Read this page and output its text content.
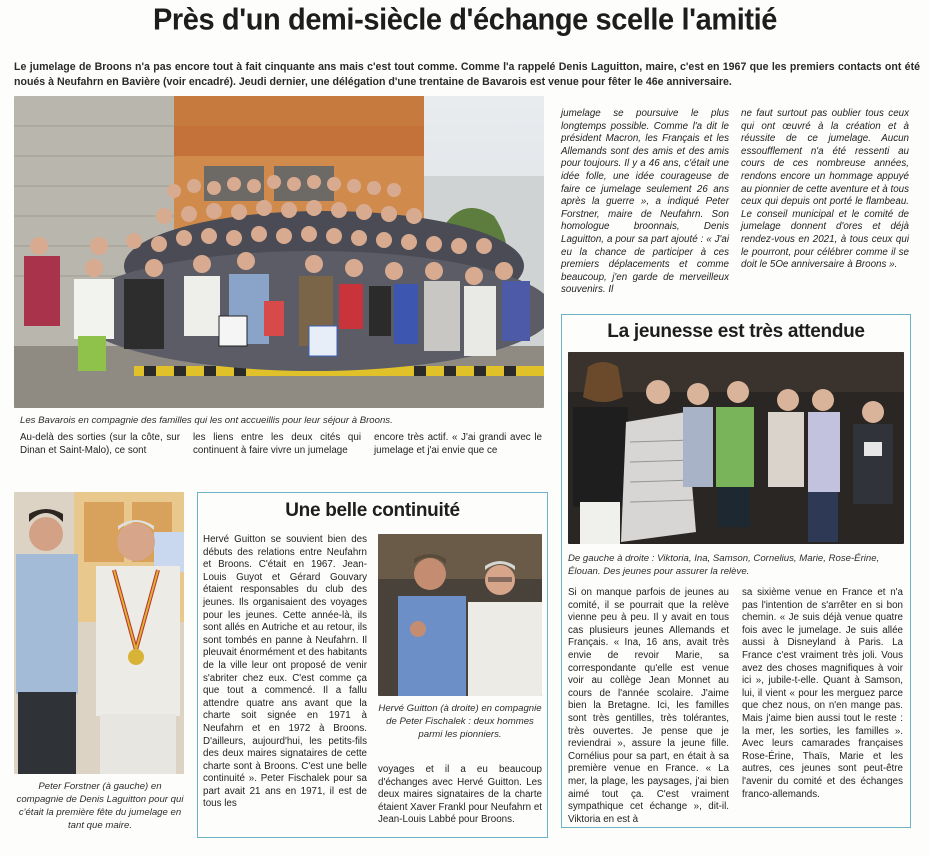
Près d'un demi-siècle d'échange scelle l'amitié
Le jumelage de Broons n'a pas encore tout à fait cinquante ans mais c'est tout comme. Comme l'a rappelé Denis Laguitton, maire, c'est en 1967 que les premiers contacts ont été noués à Neufahrn en Bavière (voir encadré). Jeudi dernier, une délégation d'une trentaine de Bavarois est venue pour fêter le 46e anniversaire.
Les Bavarois en compagnie des familles qui les ont accueillis pour leur séjour à Broons.
Au-delà des sorties (sur la côte, sur Dinan et Saint-Malo), ce sont
les liens entre les deux cités qui continuent à faire vivre un jumelage
encore très actif. « J'ai grandi avec le jumelage et j'ai envie que ce
jumelage se poursuive le plus longtemps possible. Comme l'a dit le président Macron, les Français et les Allemands sont des amis et des amis pour toujours. Il y a 46 ans, c'était une idée folle, une idée courageuse de faire ce jumelage seulement 26 ans après la guerre », a indiqué Peter Forstner, maire de Neufahrn. Son homologue broonnais, Denis Laguitton, a pour sa part ajouté : « J'ai eu la chance de participer à ces premiers déplacements et comme beaucoup, j'en garde de merveilleux souvenirs. Il
ne faut surtout pas oublier tous ceux qui ont œuvré à la création et à réussite de ce jumelage. Aucun essoufflement n'a été ressenti au cours de ces nombreuse années, rendons encore un hommage appuyé au pionnier de cette aventure et à tous ceux qui depuis ont porté le flambeau. Le conseil municipal et le comité de jumelage donnent d'ores et déjà rendez-vous en 2021, à tous ceux qui le pourront, pour célébrer comme il se doit le 5Oe anniversaire à Broons ».
La jeunesse est très attendue
De gauche à droite : Viktoria, Ina, Samson, Cornelius, Marie, Rose-Érine, Élouan. Des jeunes pour assurer la relève.
Si on manque parfois de jeunes au comité, il se pourrait que la relève vienne peu à peu. Il y avait en tous cas plusieurs jeunes Allemands et Français. « Ina, 16 ans, avait très envie de revoir Marie, sa correspondante qu'elle est venue voir au collège Jean Monnet au cours de l'année scolaire. J'aime bien la Bretagne. Ici, les familles sont très gentilles, très tolérantes, très ouvertes. Je pense que je reviendrai », assure la jeune fille. Cornélius pour sa part, en était à sa première venue en France. « La mer, la plage, les paysages, j'ai bien aimé tout ça. C'est vraiment sympathique cet échange », dit-il. Viktoria en est à
sa sixième venue en France et n'a pas l'intention de s'arrêter en si bon chemin. « Je suis déjà venue quatre fois avec le jumelage. Je suis allée aussi à Disneyland à Paris. La France c'est vraiment très joli. Vous avez des choses magnifiques à voir ici », jubile-t-elle. Quant à Samson, lui, il vient « pour les merguez parce que chez nous, on n'en mange pas. Mais j'aime bien aussi tout le reste : la mer, les sorties, les familles ». Avec leurs camarades françaises Rose-Érine, Thaïs, Marie et les autres, ces jeunes sont peut-être l'avenir du comité et des échanges franco-allemands.
Peter Forstner (à gauche) en compagnie de Denis Laguitton pour qui c'était la première fête du jumelage en tant que maire.
Une belle continuité
Hervé Guitton se souvient bien des débuts des relations entre Neufahrn et Broons. C'était en 1967. Jean-Louis Guyot et Gérard Gouvary étaient responsables du club des jeunes. Ils organisaient des voyages pour les jeunes. Cette année-là, ils sont allés en Autriche et au retour, ils sont tombés en panne à Neufahrn. Il pleuvait énormément et des habitants de la ville leur ont proposé de venir s'abriter chez eux. C'est comme ça que tout a commencé. Il a fallu attendre quatre ans avant que la charte soit signée en 1971 à Neufahrn et en 1972 à Broons. D'ailleurs, aujourd'hui, les petits-fils des deux maires signataires de cette charte sont à Broons. C'est une belle continuité ». Peter Fischalek pour sa part avait 21 ans en 1971, il est de tous les
Hervé Guitton (à droite) en compagnie de Peter Fischalek : deux hommes parmi les pionniers.
voyages et il a eu beaucoup d'échanges avec Hervé Guitton. Les deux maires signataires de la charte étaient Xaver Frankl pour Neufahrn et Jean-Louis Labbé pour Broons.
